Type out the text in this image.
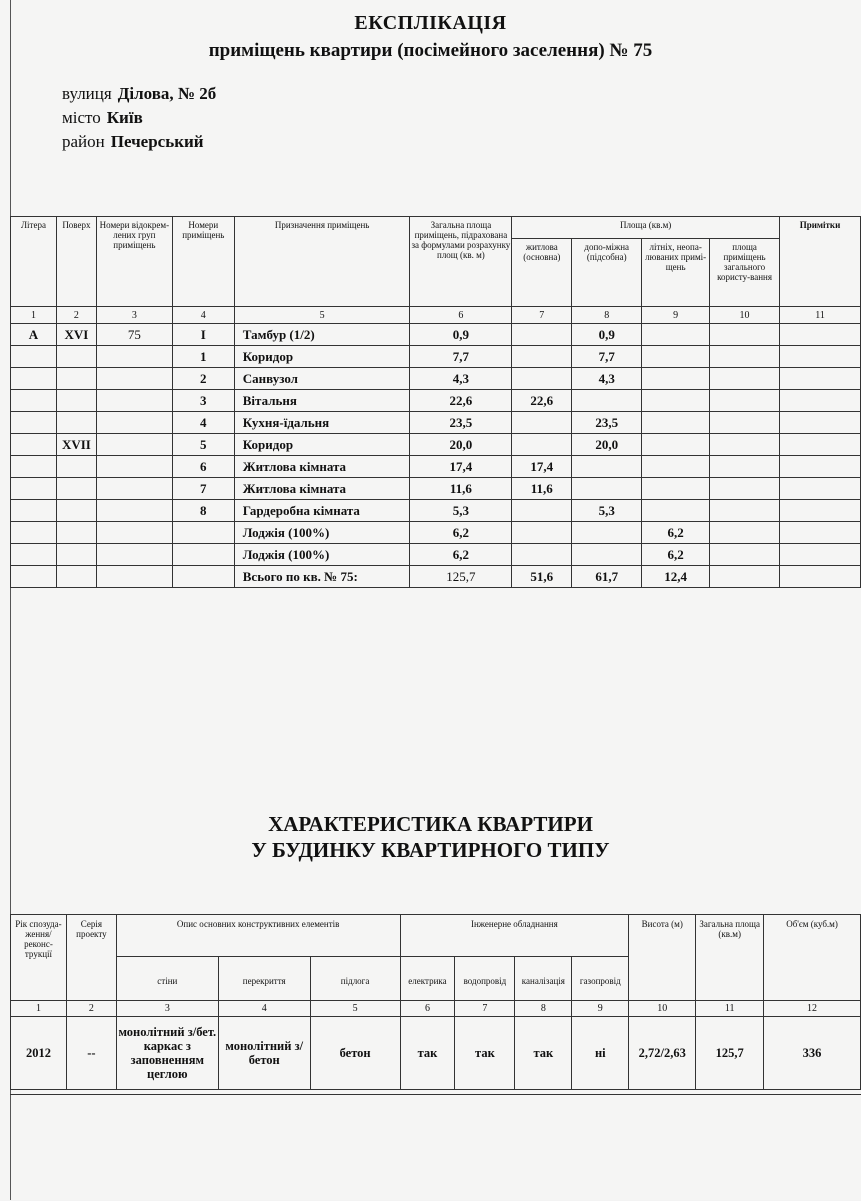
ЕКСПЛІКАЦІЯ
приміщень квартири (посімейного заселення) № 75
вулиця Ділова, № 2б
місто Київ
район Печерський
Літера	Поверх	Номери відокрем-лених груп приміщень	Номери приміщень	Призначення приміщень	Загальна площа приміщень, підрахована за формулами розрахунку площ (кв. м)	Площа (кв.м)				Примітки
						житлова (основна)	допо-міжна (підсобна)	літніх, неопа-люваних примі-щень	площа приміщень загального користу-вання	
1	2	3	4	5	6	7	8	9	10	11
А	XVI	75	І	Тамбур (1/2)	0,9		0,9			
			1	Коридор	7,7		7,7			
			2	Санвузол	4,3		4,3			
			3	Вітальня	22,6	22,6				
			4	Кухня-їдальня	23,5		23,5			
	XVII		5	Коридор	20,0		20,0			
			6	Житлова кімната	17,4	17,4				
			7	Житлова кімната	11,6	11,6				
			8	Гардеробна кімната	5,3		5,3			
				Лоджія (100%)	6,2			6,2		
				Лоджія (100%)	6,2			6,2		
				Всього по кв. № 75:	125,7	51,6	61,7	12,4		
ХАРАКТЕРИСТИКА КВАРТИРИ
У БУДИНКУ КВАРТИРНОГО ТИПУ
Рік спозуда-ження/ реконс-трукції	Серія проекту	Опис основних конструктивних елементів			Інженерне обладнання				Висота (м)	Загальна площа (кв.м)	Об'єм (куб.м)
		стіни	перекриття	підлога	електрика	водопровід	каналізація	газопровід			
1	2	3	4	5	6	7	8	9	10	11	12
2012	--	монолітний з/бет. каркас з заповненням цеглою	монолітний з/бетон	бетон	так	так	так	ні	2,72/2,63	125,7	336
